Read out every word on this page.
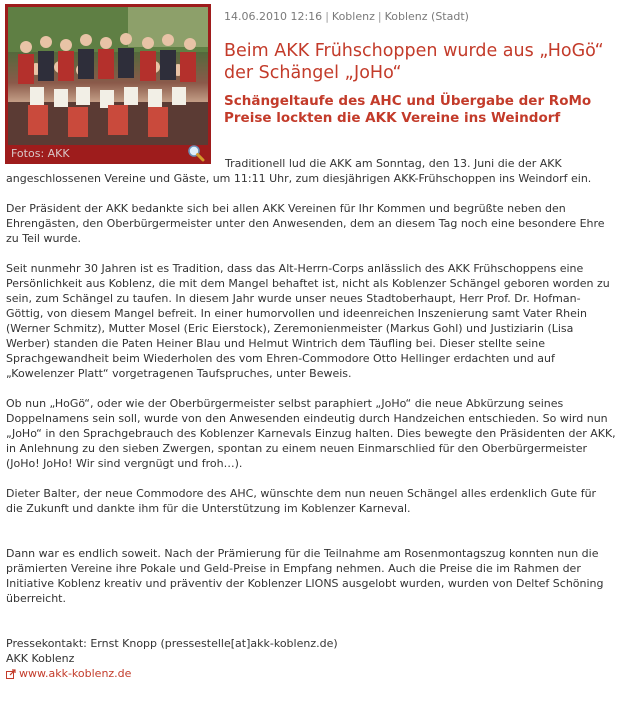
Fotos: AKK
14.06.2010 12:16 | Koblenz | Koblenz (Stadt)
Beim AKK Frühschoppen wurde aus „HoGö“ der Schängel „JoHo“
Schängeltaufe des AHC und Übergabe der RoMo Preise lockten die AKK Vereine ins Weindorf

Traditionell lud die AKK am Sonntag, den 13. Juni die der AKK angeschlossenen Vereine und Gäste, um 11:11 Uhr, zum diesjährigen AKK-Frühschoppen ins Weindorf ein.

Der Präsident der AKK bedankte sich bei allen AKK Vereinen für Ihr Kommen und begrüßte neben den Ehrengästen, den Oberbürgermeister unter den Anwesenden, dem an diesem Tag noch eine besondere Ehre zu Teil wurde.

Seit nunmehr 30 Jahren ist es Tradition, dass das Alt-Herrn-Corps anlässlich des AKK Frühschoppens eine Persönlichkeit aus Koblenz, die mit dem Mangel behaftet ist, nicht als Koblenzer Schängel geboren worden zu sein, zum Schängel zu taufen. In diesem Jahr wurde unser neues Stadtoberhaupt, Herr Prof. Dr. Hofman-Göttig, von diesem Mangel befreit. In einer humorvollen und ideenreichen Inszenierung samt Vater Rhein (Werner Schmitz), Mutter Mosel (Eric Eierstock), Zeremonienmeister (Markus Gohl) und Justiziarin (Lisa Werber) standen die Paten Heiner Blau und Helmut Wintrich dem Täufling bei. Dieser stellte seine Sprachgewandheit beim Wiederholen des vom Ehren-Commodore Otto Hellinger erdachten und auf „Kowelenzer Platt“ vorgetragenen Taufspruches, unter Beweis.

Ob nun „HoGö“, oder wie der Oberbürgermeister selbst paraphiert „JoHo“ die neue Abkürzung seines Doppelnamens sein soll, wurde von den Anwesenden eindeutig durch Handzeichen entschieden. So wird nun „JoHo“ in den Sprachgebrauch des Koblenzer Karnevals Einzug halten. Dies bewegte den Präsidenten der AKK, in Anlehnung zu den sieben Zwergen, spontan zu einem neuen Einmarschlied für den Oberbürgermeister (JoHo! JoHo! Wir sind vergnügt und froh…).

Dieter Balter, der neue Commodore des AHC, wünschte dem nun neuen Schängel alles erdenklich Gute für die Zukunft und dankte ihm für die Unterstützung im Koblenzer Karneval.

Dann war es endlich soweit. Nach der Prämierung für die Teilnahme am Rosenmontagszug konnten nun die prämierten Vereine ihre Pokale und Geld-Preise in Empfang nehmen. Auch die Preise die im Rahmen der Initiative Koblenz kreativ und präventiv der Koblenzer LIONS ausgelobt wurden, wurden von Deltef Schöning überreicht.

Pressekontakt: Ernst Knopp (pressestelle[at]akk-koblenz.de)

AKK Koblenz

www.akk-koblenz.de
